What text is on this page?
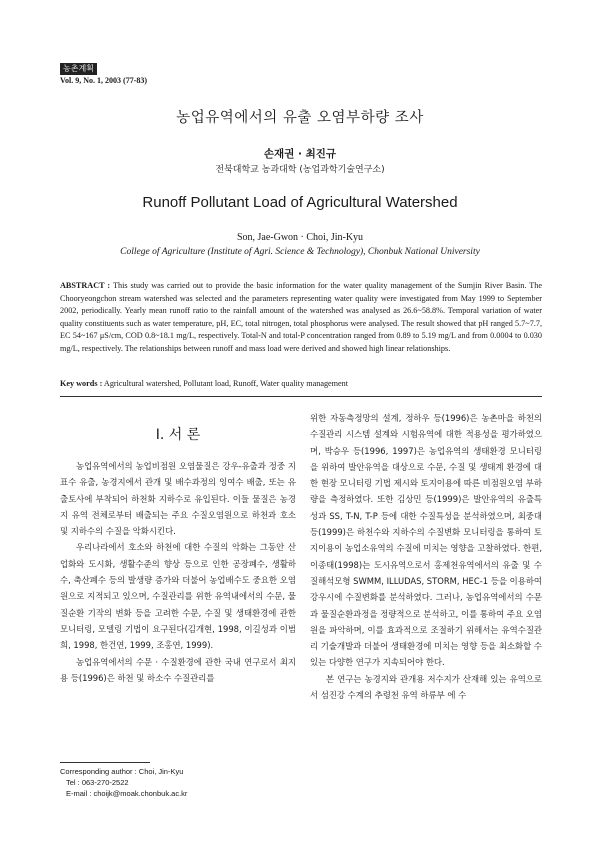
농촌계획
Vol. 9, No. 1, 2003 (77-83)
농업유역에서의 유출 오염부하량 조사
손재권 · 최진규
전북대학교 농과대학 (농업과학기술연구소)
Runoff Pollutant Load of Agricultural Watershed
Son, Jae-Gwon · Choi, Jin-Kyu
College of Agriculture (Institute of Agri. Science & Technology), Chonbuk National University
ABSTRACT : This study was carried out to provide the basic information for the water quality management of the Sumjin River Basin. The Chooryeongchon stream watershed was selected and the parameters representing water quality were investigated from May 1999 to September 2002, periodically. Yearly mean runoff ratio to the rainfall amount of the watershed was analysed as 26.6~58.8%. Temporal variation of water quality constituents such as water temperature, pH, EC, total nitrogen, total phosphorus were analysed. The result showed that pH ranged 5.7~7.7, EC 54~167 μS/cm, COD 0.8~18.1 mg/L, respectively. Total-N and total-P concentration ranged from 0.89 to 5.19 mg/L and from 0.0004 to 0.030 mg/L, respectively. The relationships between runoff and mass load were derived and showed high linear relationships.
Key words : Agricultural watershed, Pollutant load, Runoff, Water quality management
I. 서 론

농업유역에서의 농업비점원 오염물질은 강우-유출과 정중 지표수 유출, 농경지에서 관개 및 배수과정의 잉여수 배출, 또는 유출토사에 부착되어 하천화 지하수로 유입된다. 이들 물질은 농경지 유역 전체로부터 배출되는 주요 수질오염원으로 하천과 호소 및 지하수의 수질을 악화시킨다.

우리나라에서 호소와 하천에 대한 수질의 악화는 그동안 산업화와 도시화, 생활수준의 향상 등으로 인한 공장폐수, 생활하수, 축산폐수 등의 발생량 증가와 더불어 농업배수도 중요한 오염원으로 지적되고 있으며, 수질관리를 위한 유역내에서의 수문, 물질순환 기작의 변화 등을 고려한 수문, 수질 및 생태환경에 관한 모니터링, 모델링 기법이 요구된다(김개현, 1998, 이길성과 이범희, 1998, 한건연, 1999, 조홍연, 1999).

농업유역에서의 수문 · 수질환경에 관한 국내 연구로서 최지용 등(1996)은 하천 및 하소수 수질관리를

위한 자동측정망의 설계, 정하우 등(1996)은 농촌마을 하천의 수질관리 시스템 설계와 시험유역에 대한 적용성을 평가하였으며, 박승우 등(1996, 1997)은 농업유역의 생태환경 모니터링을 위하여 발안유역을 대상으로 수문, 수질 및 생태계 환경에 대한 현장 모니터링 기법 제시와 토지이용에 따른 비점원오염 부하량을 측정하였다. 또한 김상민 등(1999)은 발안유역의 유출특성과 SS, T-N, T-P 등에 대한 수질특성을 분석하였으며, 최중대 등(1999)은 하천수와 지하수의 수질변화 모니터링을 통하여 토지이용이 농업소유역의 수질에 미치는 영향을 고찰하였다. 한편, 이종태(1998)는 도시유역으로서 홍제천유역에서의 유출 및 수질해석모형 SWMM, ILLUDAS, STORM, HEC-1 등을 이용하여 강우시에 수질변화를 분석하였다. 그러나, 농업유역에서의 수문과 물질순환과정을 정량적으로 분석하고, 이를 통하여 주요 오염원을 파악하며, 이를 효과적으로 조절하기 위해서는 유역수질관리 기술개발과 더불어 생태환경에 미치는 영향 등을 최소화할 수 있는 다양한 연구가 지속되어야 한다.

본 연구는 농경지와 관개용 저수지가 산재해 있는 유역으로서 섬진강 수계의 추령천 유역 하류부 에 수

Corresponding author : Choi, Jin-Kyu
Tel : 063-270-2522
E-mail : choijk@moak.chonbuk.ac.kr
